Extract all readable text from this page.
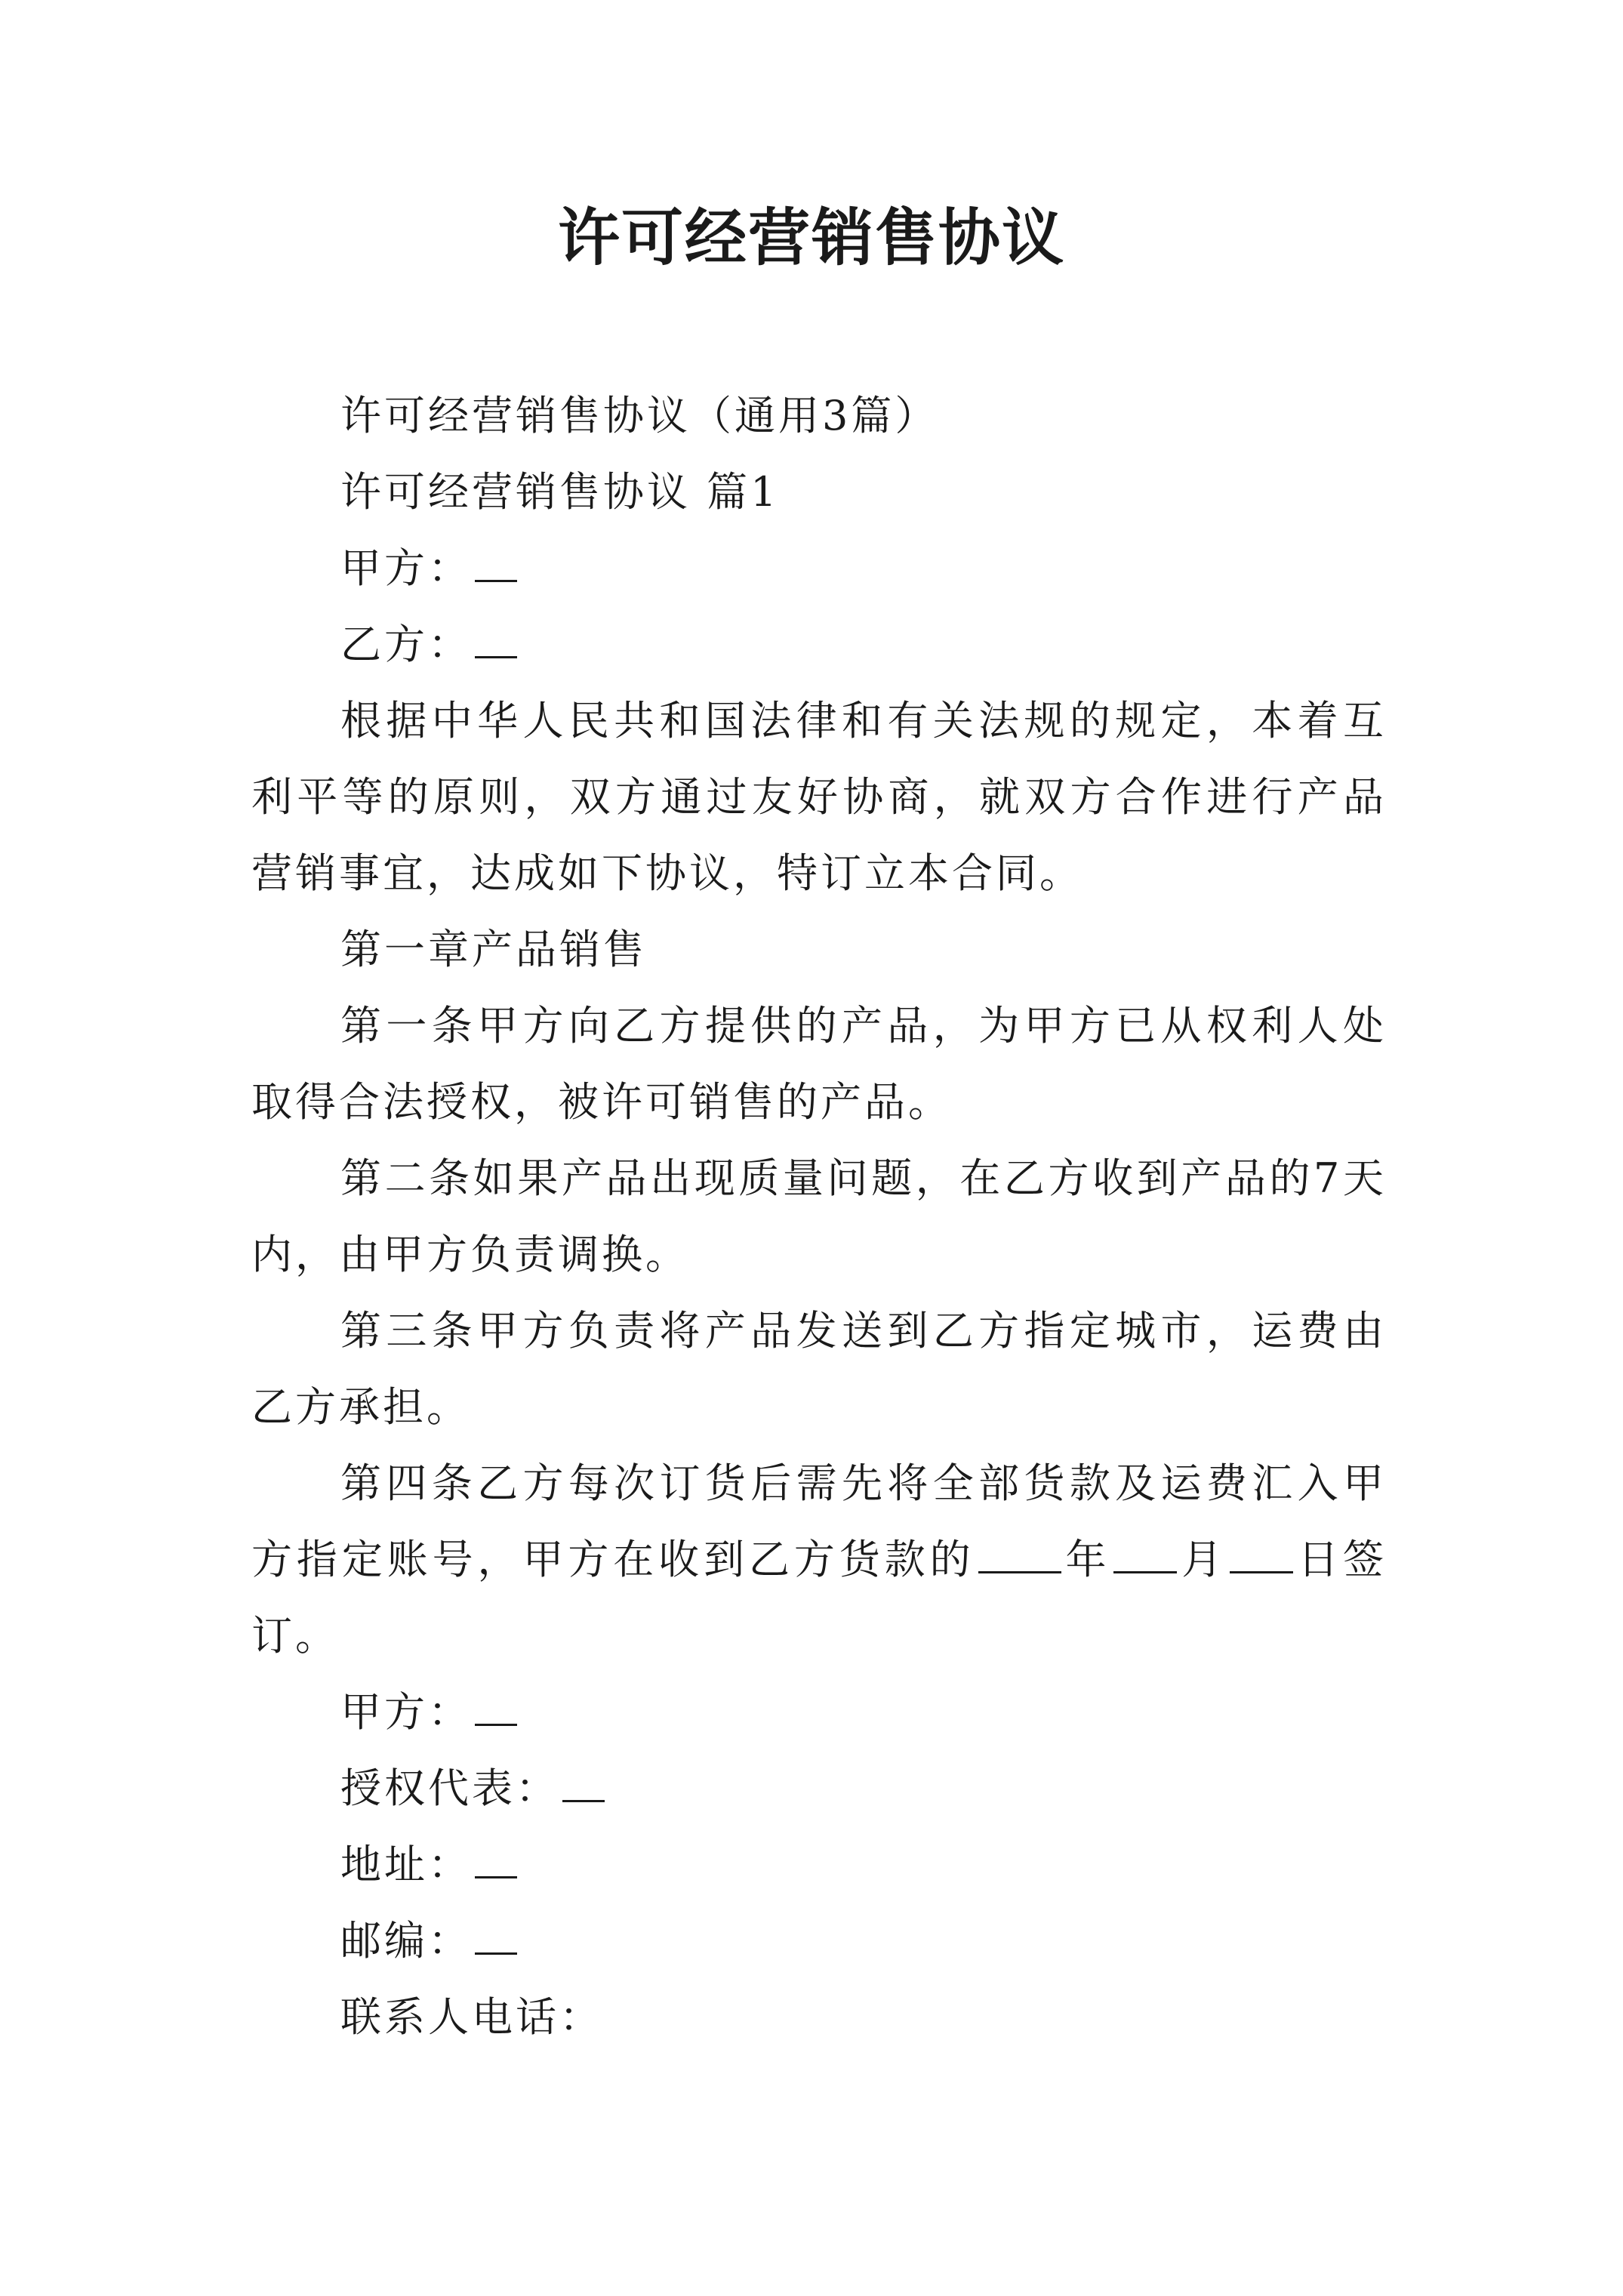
许可经营销售协议

许可经营销售协议（通用3篇）

许可经营销售协议 篇1

甲方：

乙方：

根据中华人民共和国法律和有关法规的规定，本着互利平等的原则，双方通过友好协商，就双方合作进行产品营销事宜，达成如下协议，特订立本合同。

第一章产品销售

第一条甲方向乙方提供的产品，为甲方已从权利人处取得合法授权，被许可销售的产品。

第二条如果产品出现质量问题，在乙方收到产品的7天内，由甲方负责调换。

第三条甲方负责将产品发送到乙方指定城市，运费由乙方承担。

第四条乙方每次订货后需先将全部货款及运费汇入甲方指定账号，甲方在收到乙方货款的 年 月 日签订。

甲方：

授权代表：

地址：

邮编：

联系人电话：
